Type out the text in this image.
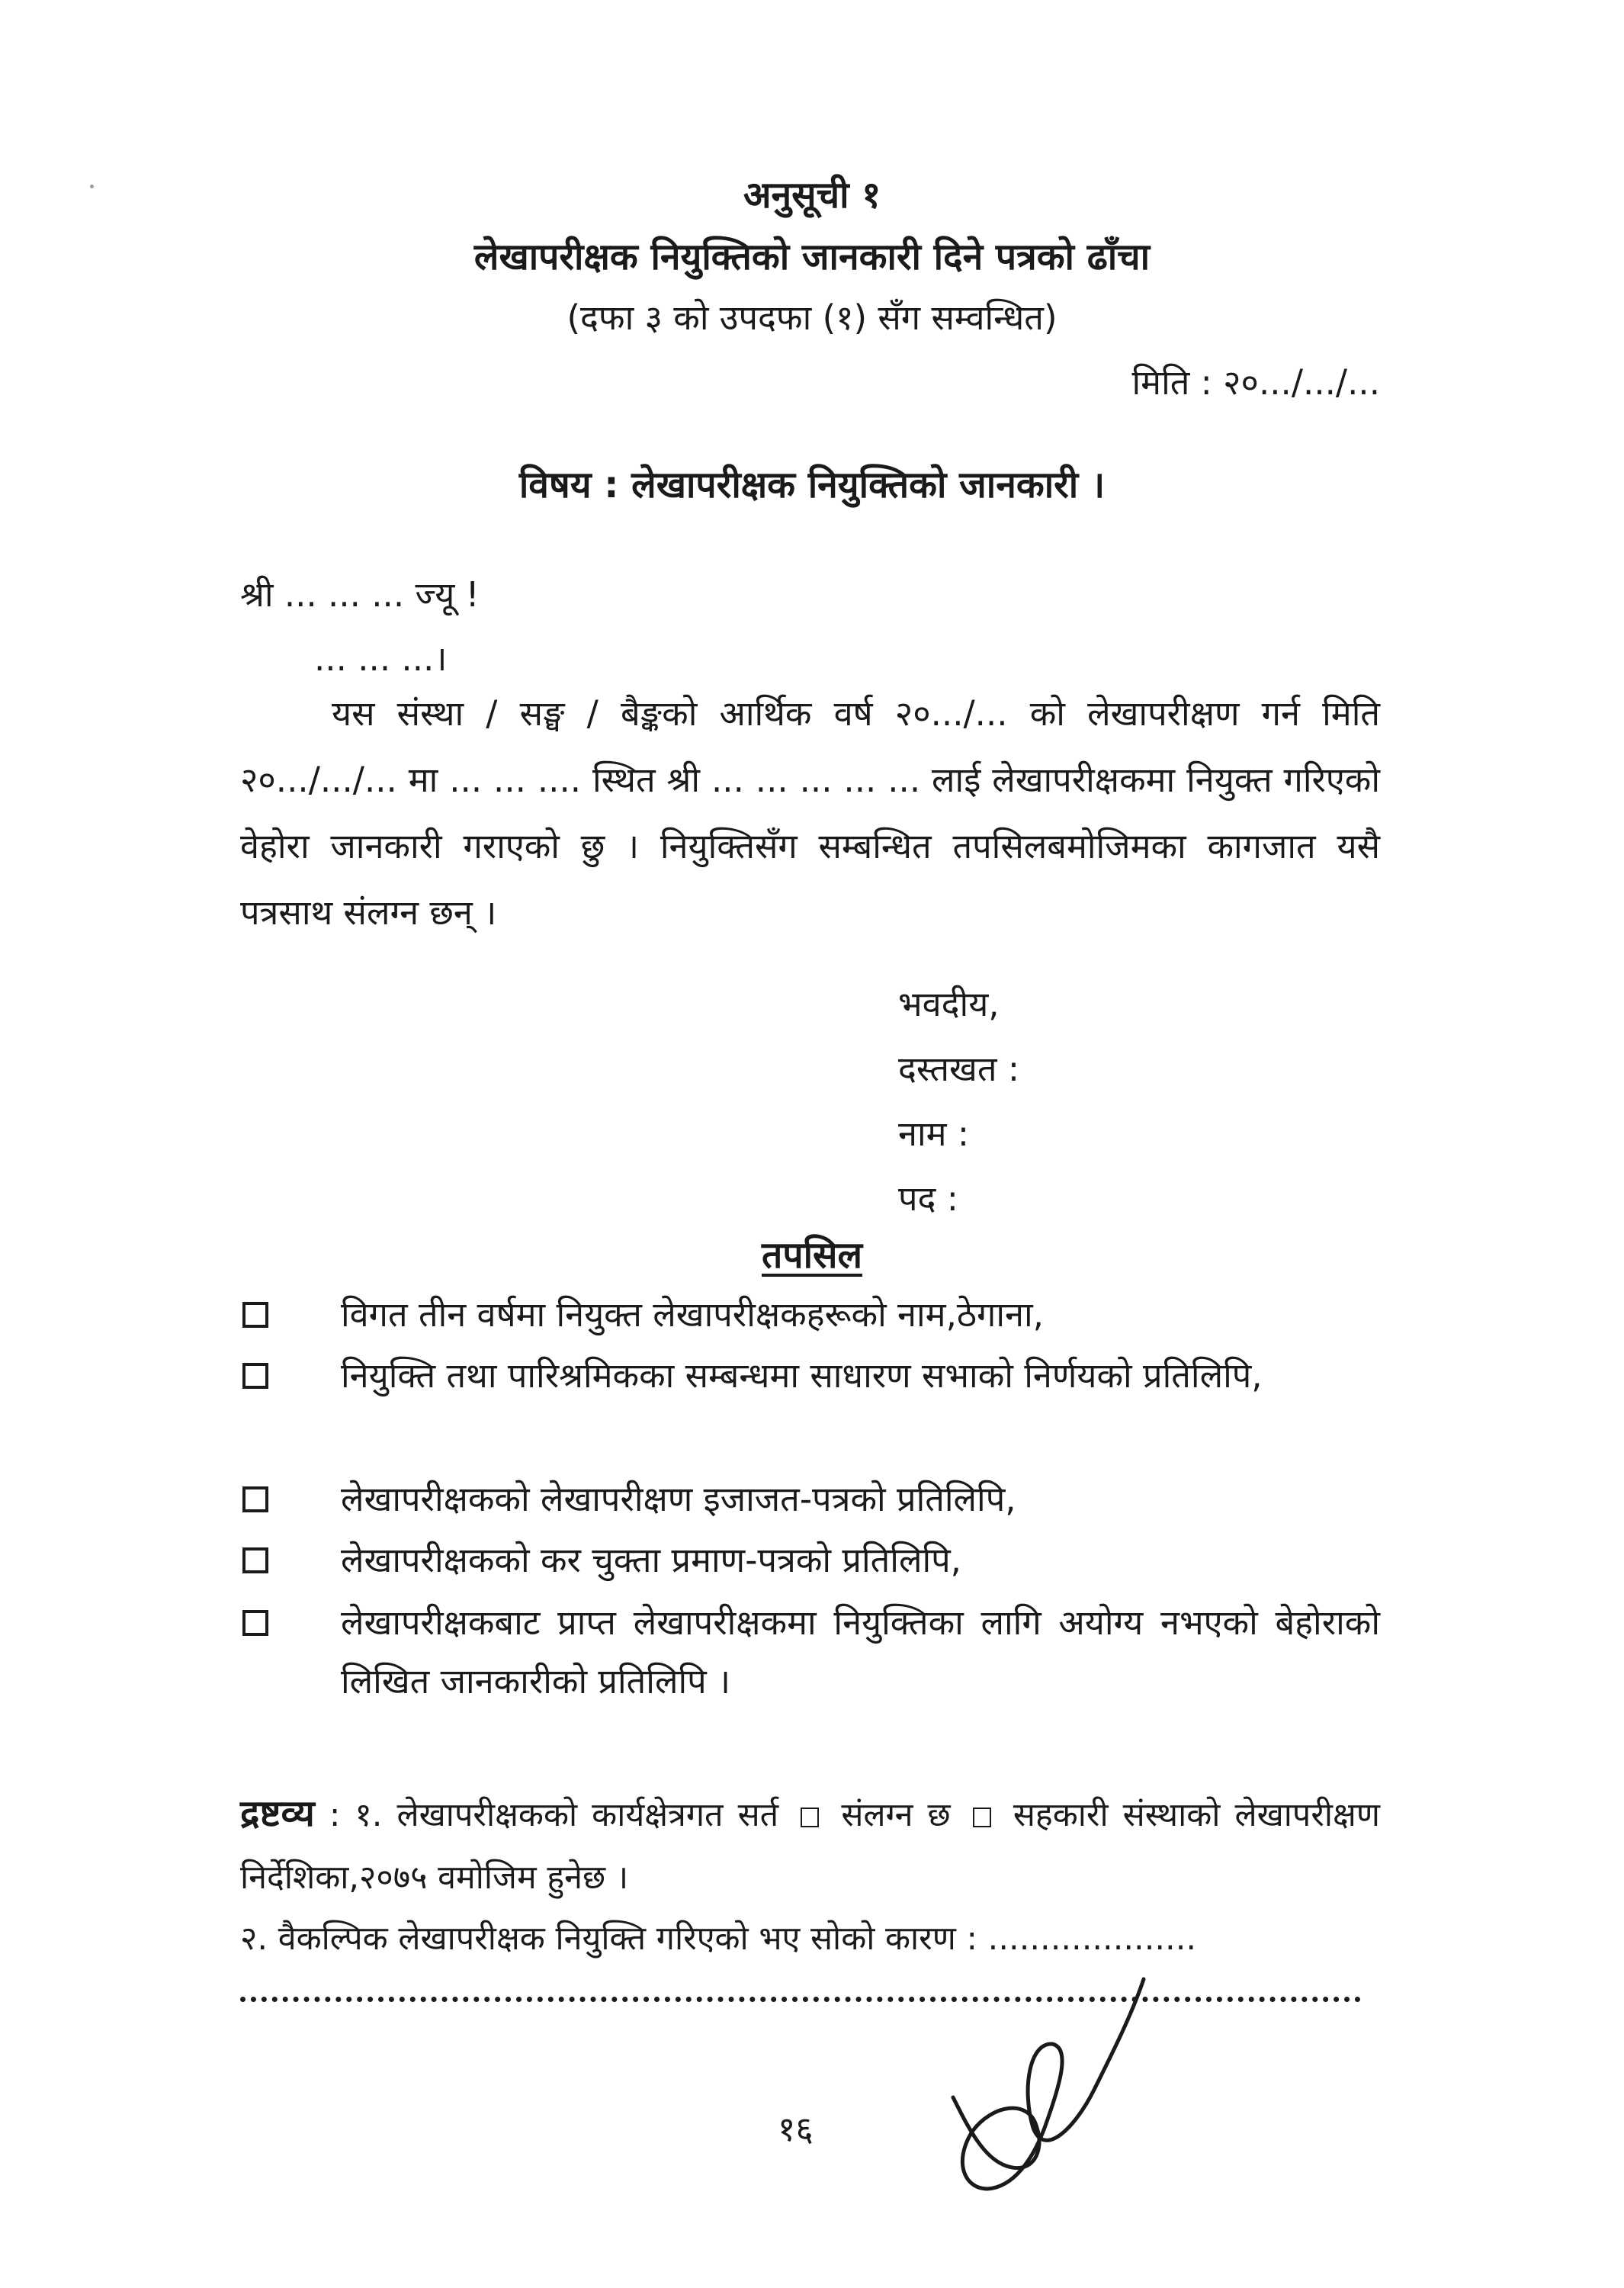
अनुसूची १
लेखापरीक्षक नियुक्तिको जानकारी दिने पत्रको ढाँचा
(दफा ३ को उपदफा (१) सँग सम्वन्धित)
मिति : २०.../.../...
विषय : लेखापरीक्षक नियुक्तिको जानकारी ।
श्री ... ... ... ज्यू !
... ... ...।
यस संस्था / सङ्घ / बैङ्कको आर्थिक वर्ष २०.../... को लेखापरीक्षण गर्न मिति २०.../.../... मा ... ... .... स्थित श्री ... ... ... ... ... लाई लेखापरीक्षकमा नियुक्त गरिएको वेहोरा जानकारी गराएको छु । नियुक्तिसँग सम्बन्धित तपसिलबमोजिमका कागजात यसै पत्रसाथ संलग्न छन् ।
भवदीय,
दस्तखत :
नाम :
पद :
तपसिल
विगत तीन वर्षमा नियुक्त लेखापरीक्षकहरूको नाम,ठेगाना,
नियुक्ति तथा पारिश्रमिकका सम्बन्धमा साधारण सभाको निर्णयको प्रतिलिपि,
लेखापरीक्षकको लेखापरीक्षण इजाजत-पत्रको प्रतिलिपि,
लेखापरीक्षकको कर चुक्ता प्रमाण-पत्रको प्रतिलिपि,
लेखापरीक्षकबाट प्राप्त लेखापरीक्षकमा नियुक्तिका लागि अयोग्य नभएको बेहोराको लिखित जानकारीको प्रतिलिपि ।
द्रष्टव्य : १. लेखापरीक्षकको कार्यक्षेत्रगत सर्त संलग्न छ सहकारी संस्थाको लेखापरीक्षण निर्देशिका,२०७५ वमोजिम हुनेछ ।
२. वैकल्पिक लेखापरीक्षक नियुक्ति गरिएको भए सोको कारण : ....................
१६
